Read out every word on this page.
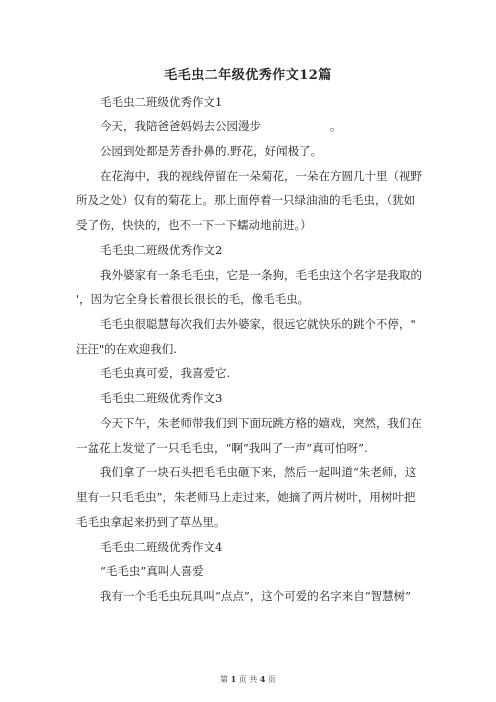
毛毛虫二年级优秀作文12篇

毛毛虫二班级优秀作文1

今天，我陪爸爸妈妈去公园漫步　　　　　　。

公园到处都是芳香扑鼻的.野花，好闻极了。

在花海中，我的视线停留在一朵菊花，一朵在方圆几十里（视野

所及之处）仅有的菊花上。那上面停着一只绿油油的毛毛虫，（犹如

受了伤，快快的，也不一下一下蠕动地前进。）

毛毛虫二班级优秀作文2

我外婆家有一条毛毛虫，它是一条狗，毛毛虫这个名字是我取的

'，因为它全身长着很长很长的毛，像毛毛虫。

毛毛虫很聪慧每次我们去外婆家，很远它就快乐的跳个不停，"

汪汪"的在欢迎我们.

毛毛虫真可爱，我喜爱它.

毛毛虫二班级优秀作文3

今天下午，朱老师带我们到下面玩跳方格的嬉戏，突然，我们在

一盆花上发觉了一只毛毛虫，“啊”我叫了一声“真可怕呀”.

我们拿了一块石头把毛毛虫砸下来，然后一起叫道“朱老师，这

里有一只毛毛虫”，朱老师马上走过来，她摘了两片树叶，用树叶把

毛毛虫拿起来扔到了草丛里。

毛毛虫二班级优秀作文4

“毛毛虫”真叫人喜爱

我有一个毛毛虫玩具叫“点点”，这个可爱的名字来自“智慧树”

第 1 页 共 4 页
